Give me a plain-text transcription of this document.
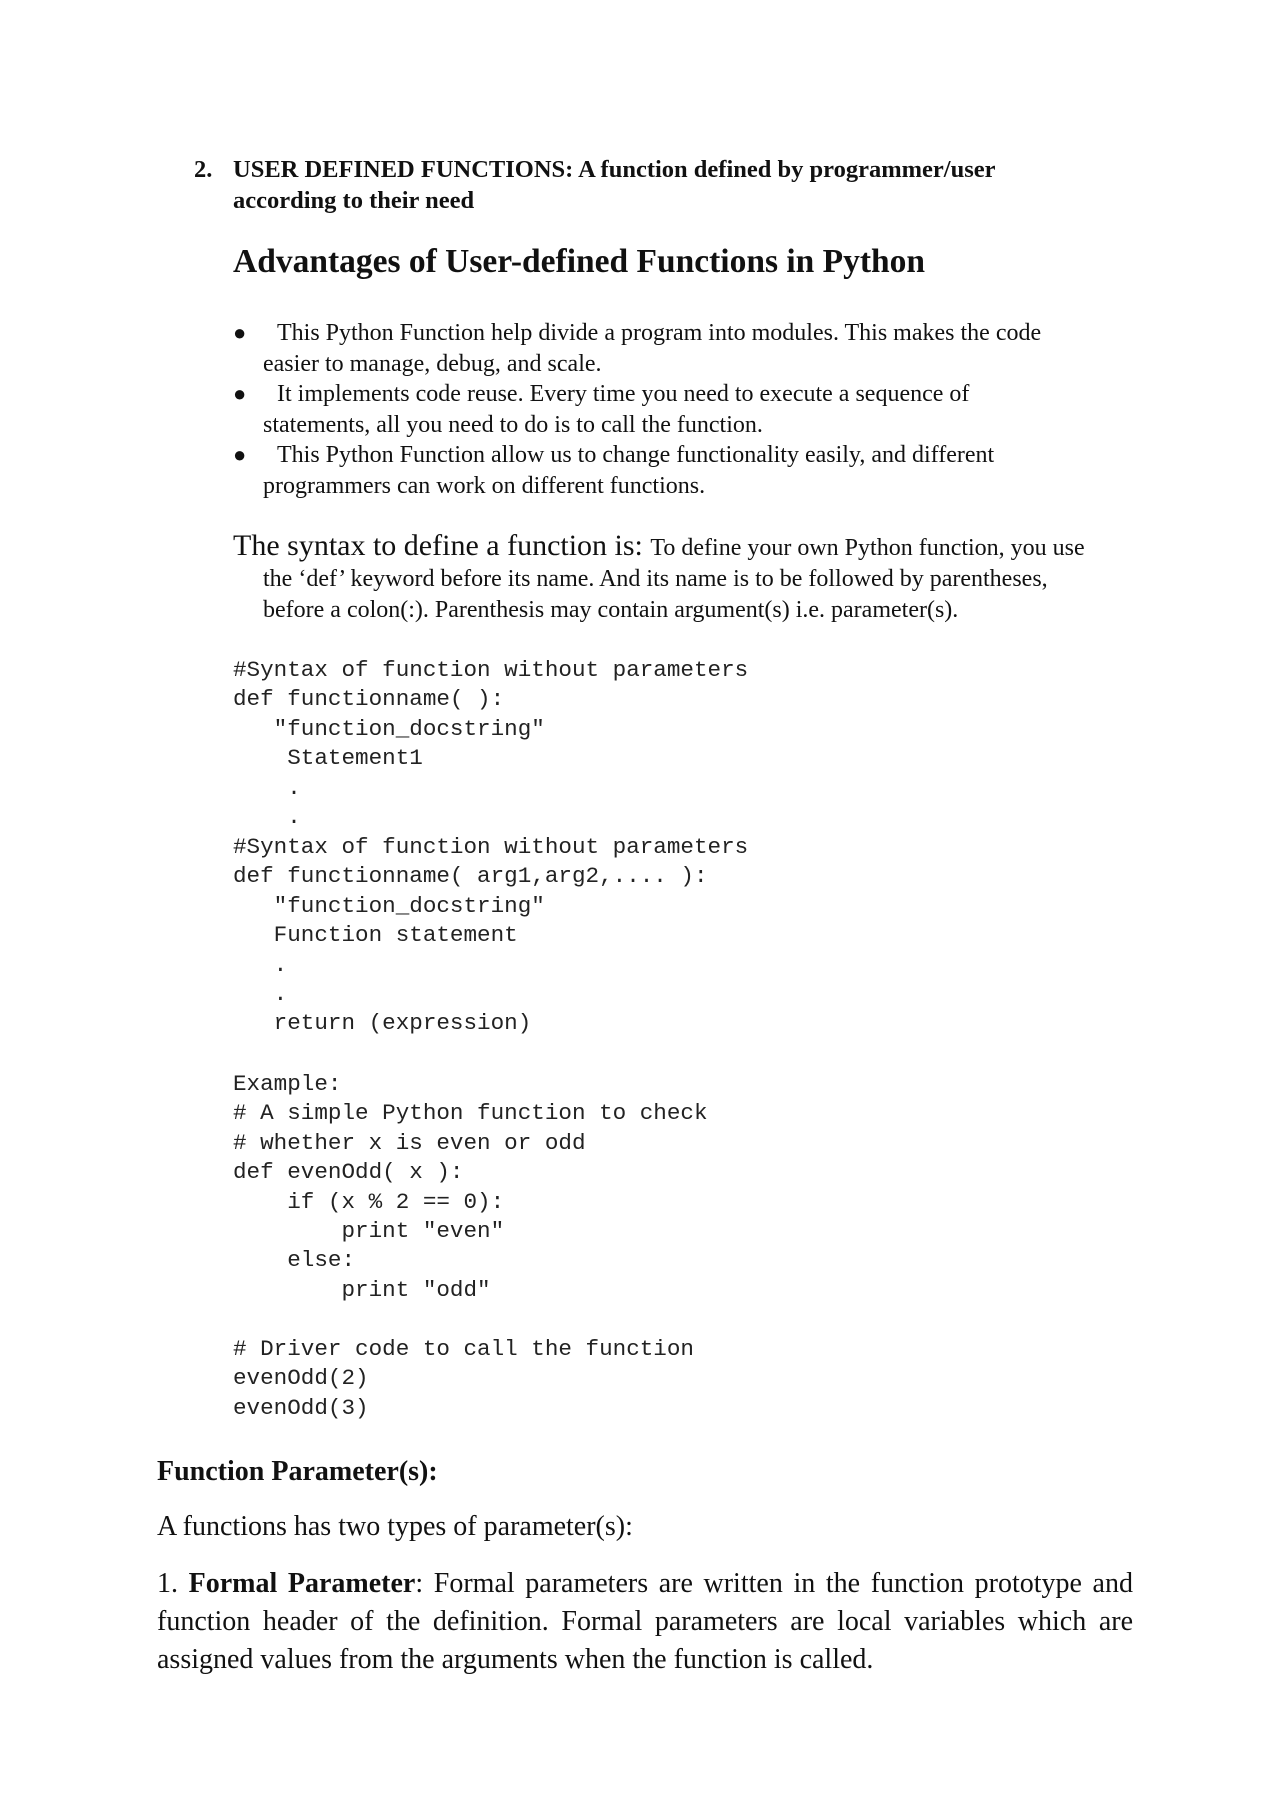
2. USER DEFINED FUNCTIONS: A function defined by programmer/user
according to their need
Advantages of User-defined Functions in Python
●	This Python Function help divide a program into modules. This makes the code
easier to manage, debug, and scale.
●	It implements code reuse. Every time you need to execute a sequence of
statements, all you need to do is to call the function.
●	This Python Function allow us to change functionality easily, and different
programmers can work on different functions.
The syntax to define a function is: To define your own Python function, you use
the ‘def’ keyword before its name. And its name is to be followed by parentheses,
before a colon(:). Parenthesis may contain argument(s) i.e. parameter(s).
#Syntax of function without parameters
def functionname( ):
"function_docstring"
Statement1
.
.
#Syntax of function without parameters
def functionname( arg1,arg2,.... ):
"function_docstring"
Function statement
.
.
return (expression)
Example:
# A simple Python function to check
# whether x is even or odd
def evenOdd( x ):
if (x % 2 == 0):
print "even"
else:
print "odd"
# Driver code to call the function
evenOdd(2)
evenOdd(3)
Function Parameter(s):
A functions has two types of parameter(s):
1. Formal Parameter: Formal parameters are written in the function prototype and function header of the definition. Formal parameters are local variables which are assigned values from the arguments when the function is called.
